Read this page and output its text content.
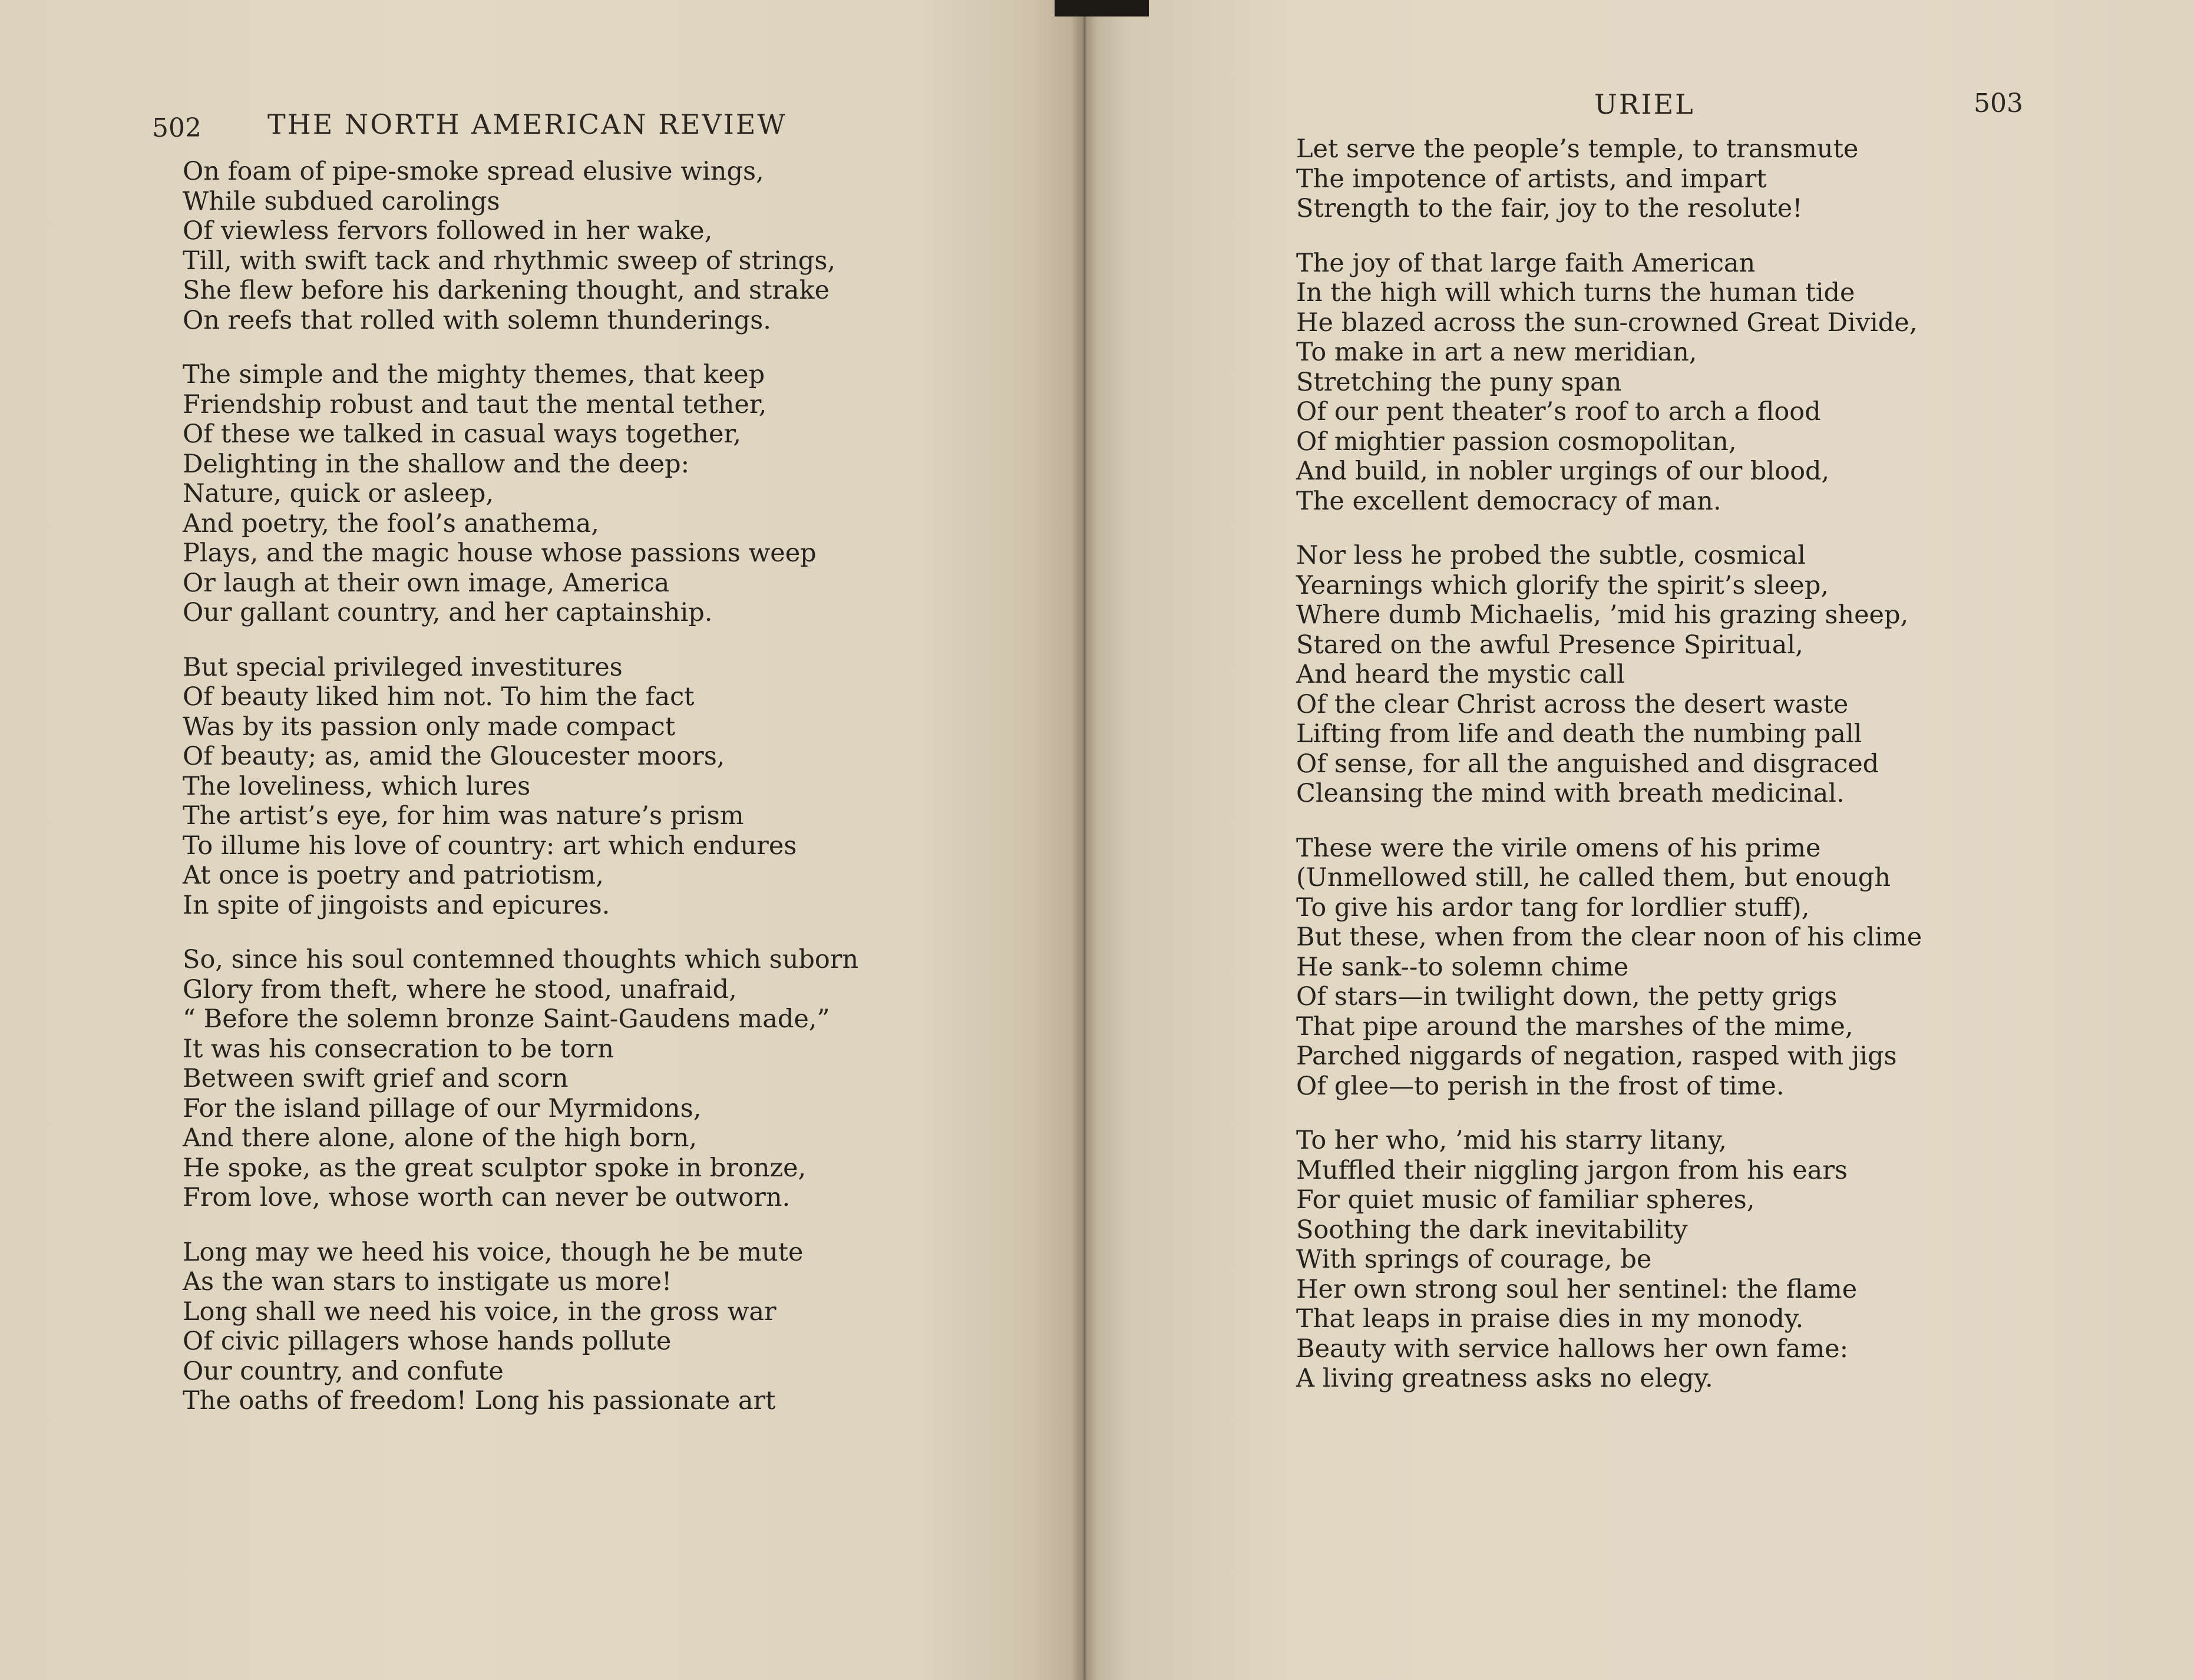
502 THE NORTH AMERICAN REVIEW
On foam of pipe-smoke spread elusive wings,
While subdued carolings
Of viewless fervors followed in her wake,
Till, with swift tack and rhythmic sweep of strings,
She flew before his darkening thought, and strake
On reefs that rolled with solemn thunderings.
The simple and the mighty themes, that keep
Friendship robust and taut the mental tether,
Of these we talked in casual ways together,
Delighting in the shallow and the deep:
Nature, quick or asleep,
And poetry, the fool’s anathema,
Plays, and the magic house whose passions weep
Or laugh at their own image, America
Our gallant country, and her captainship.
But special privileged investitures
Of beauty liked him not. To him the fact
Was by its passion only made compact
Of beauty; as, amid the Gloucester moors,
The loveliness, which lures
The artist’s eye, for him was nature’s prism
To illume his love of country: art which endures
At once is poetry and patriotism,
In spite of jingoists and epicures.
So, since his soul contemned thoughts which suborn
Glory from theft, where he stood, unafraid,
“ Before the solemn bronze Saint-Gaudens made,”
It was his consecration to be torn
Between swift grief and scorn
For the island pillage of our Myrmidons,
And there alone, alone of the high born,
He spoke, as the great sculptor spoke in bronze,
From love, whose worth can never be outworn.
Long may we heed his voice, though he be mute
As the wan stars to instigate us more!
Long shall we need his voice, in the gross war
Of civic pillagers whose hands pollute
Our country, and confute
The oaths of freedom! Long his passionate art
URIEL	503
Let serve the people’s temple, to transmute
The impotence of artists, and impart
Strength to the fair, joy to the resolute!
The joy of that large faith American
In the high will which turns the human tide
He blazed across the sun-crowned Great Divide,
To make in art a new meridian,
Stretching the puny span
Of our pent theater’s roof to arch a flood
Of mightier passion cosmopolitan,
And build, in nobler urgings of our blood,
The excellent democracy of man.
Nor less he probed the subtle, cosmical
Yearnings which glorify the spirit’s sleep,
Where dumb Michaelis, ’mid his grazing sheep,
Stared on the awful Presence Spiritual,
And heard the mystic call
Of the clear Christ across the desert waste
Lifting from life and death the numbing pall
Of sense, for all the anguished and disgraced
Cleansing the mind with breath medicinal.
These were the virile omens of his prime
(Unmellowed still, he called them, but enough
To give his ardor tang for lordlier stuff),
But these, when from the clear noon of his clime
He sank--to solemn chime
Of stars—in twilight down, the petty grigs
That pipe around the marshes of the mime,
Parched niggards of negation, rasped with jigs
Of glee—to perish in the frost of time.
To her who, ’mid his starry litany,
Muffled their niggling jargon from his ears
For quiet music of familiar spheres,
Soothing the dark inevitability
With springs of courage, be
Her own strong soul her sentinel: the flame
That leaps in praise dies in my monody.
Beauty with service hallows her own fame:
A living greatness asks no elegy.
